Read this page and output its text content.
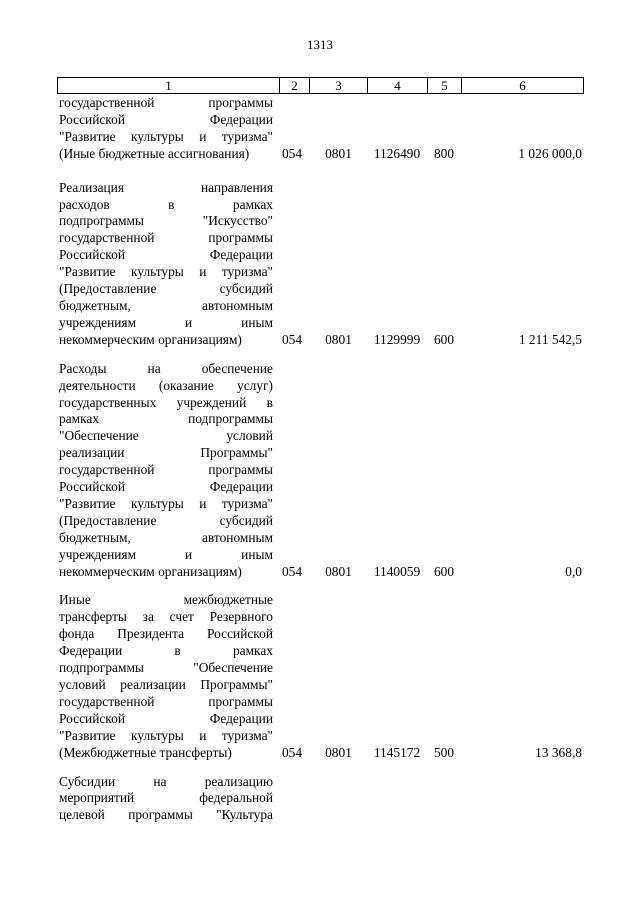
1313
1	2	3	4	5	6
государственной программы
Российской Федерации
"Развитие культуры и туризма"
(Иные бюджетные ассигнования)	054	0801	1126490	800	1 026 000,0
Реализация направления
расходов в рамках
подпрограммы "Искусство"
государственной программы
Российской Федерации
"Развитие культуры и туризма"
(Предоставление субсидий
бюджетным, автономным
учреждениям и иным
некоммерческим организациям)	054	0801	1129999	600	1 211 542,5
Расходы на обеспечение
деятельности (оказание услуг)
государственных учреждений в
рамках подпрограммы
"Обеспечение условий
реализации Программы"
государственной программы
Российской Федерации
"Развитие культуры и туризма"
(Предоставление субсидий
бюджетным, автономным
учреждениям и иным
некоммерческим организациям)	054	0801	1140059	600	0,0
Иные межбюджетные
трансферты за счет Резервного
фонда Президента Российской
Федерации в рамках
подпрограммы "Обеспечение
условий реализации Программы"
государственной программы
Российской Федерации
"Развитие культуры и туризма"
(Межбюджетные трансферты)	054	0801	1145172	500	13 368,8
Субсидии на реализацию
мероприятий федеральной
целевой программы "Культура
